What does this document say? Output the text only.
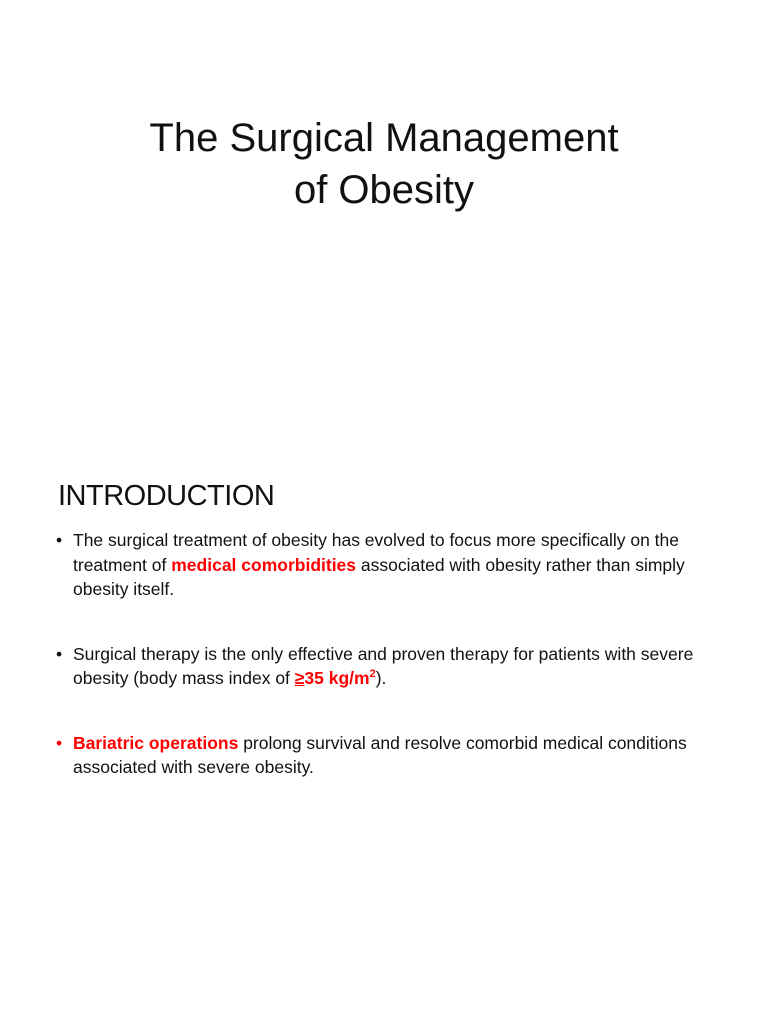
The Surgical Management
of Obesity
INTRODUCTION
• The surgical treatment of obesity has evolved to focus more specifically on the treatment of medical comorbidities associated with obesity rather than simply obesity itself.
• Surgical therapy is the only effective and proven therapy for patients with severe obesity (body mass index of ≥35 $kg/m^2$).
• Bariatric operations prolong survival and resolve comorbid medical conditions associated with severe obesity.
